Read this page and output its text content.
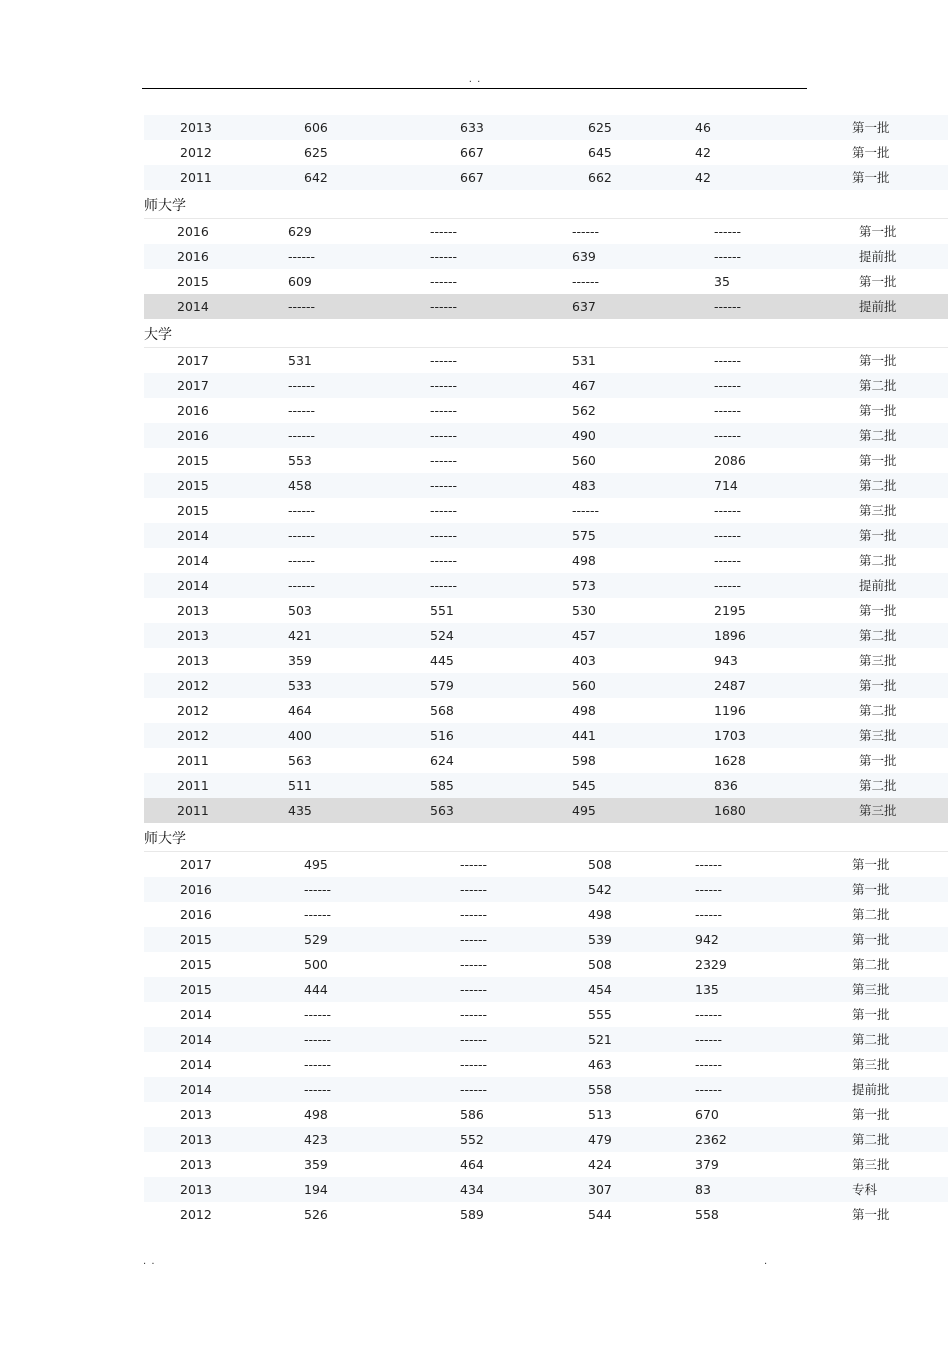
. .
2013	606	633	625	46	第一批
2012	625	667	645	42	第一批
2011	642	667	662	42	第一批
师大学
2016	629	------	------	------	第一批
2016	------	------	639	------	提前批
2015	609	------	------	35	第一批
2014	------	------	637	------	提前批
大学
2017	531	------	531	------	第一批
2017	------	------	467	------	第二批
2016	------	------	562	------	第一批
2016	------	------	490	------	第二批
2015	553	------	560	2086	第一批
2015	458	------	483	714	第二批
2015	------	------	------	------	第三批
2014	------	------	575	------	第一批
2014	------	------	498	------	第二批
2014	------	------	573	------	提前批
2013	503	551	530	2195	第一批
2013	421	524	457	1896	第二批
2013	359	445	403	943	第三批
2012	533	579	560	2487	第一批
2012	464	568	498	1196	第二批
2012	400	516	441	1703	第三批
2011	563	624	598	1628	第一批
2011	511	585	545	836	第二批
2011	435	563	495	1680	第三批
师大学
2017	495	------	508	------	第一批
2016	------	------	542	------	第一批
2016	------	------	498	------	第二批
2015	529	------	539	942	第一批
2015	500	------	508	2329	第二批
2015	444	------	454	135	第三批
2014	------	------	555	------	第一批
2014	------	------	521	------	第二批
2014	------	------	463	------	第三批
2014	------	------	558	------	提前批
2013	498	586	513	670	第一批
2013	423	552	479	2362	第二批
2013	359	464	424	379	第三批
2013	194	434	307	83	专科
2012	526	589	544	558	第一批
. .	.
